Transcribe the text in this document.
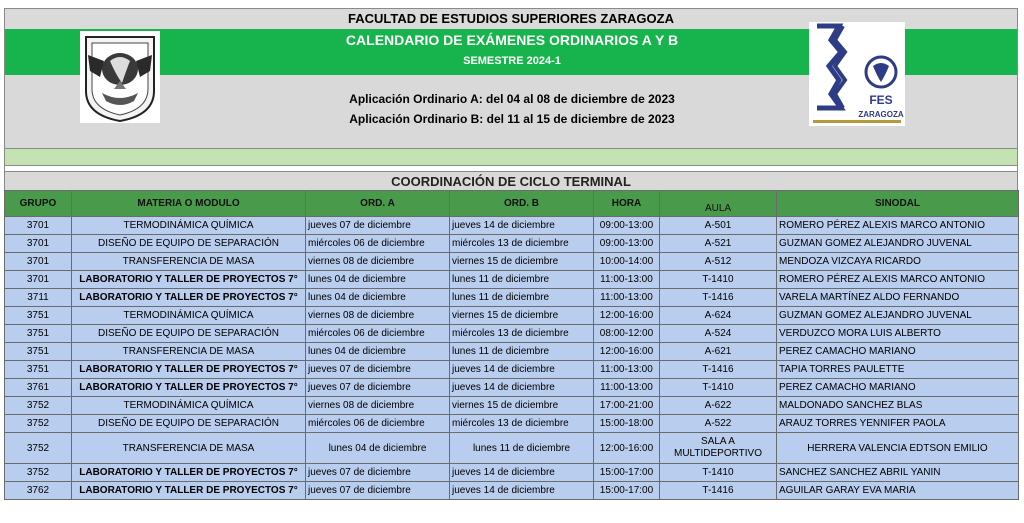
FACULTAD DE ESTUDIOS SUPERIORES ZARAGOZA
CALENDARIO DE EXÁMENES ORDINARIOS A Y B
SEMESTRE 2024-1
Aplicación Ordinario A: del 04 al 08 de diciembre de 2023
Aplicación Ordinario B: del 11 al 15 de diciembre de 2023
COORDINACIÓN DE CICLO TERMINAL
FES
ZARAGOZA
GRUPO	MATERIA O MODULO	ORD. A	ORD. B	HORA	AULA	SINODAL
3701	TERMODINÁMICA QUÍMICA	jueves 07 de diciembre	jueves 14 de diciembre	09:00-13:00	A-501	ROMERO PÉREZ ALEXIS MARCO ANTONIO
3701	DISEÑO DE EQUIPO DE SEPARACIÓN	miércoles 06 de diciembre	miércoles 13 de diciembre	09:00-13:00	A-521	GUZMAN GOMEZ ALEJANDRO JUVENAL
3701	TRANSFERENCIA DE MASA	viernes 08 de diciembre	viernes 15 de diciembre	10:00-14:00	A-512	MENDOZA VIZCAYA RICARDO
3701	LABORATORIO Y TALLER DE PROYECTOS 7°	lunes 04 de diciembre	lunes 11 de diciembre	11:00-13:00	T-1410	ROMERO PÉREZ ALEXIS MARCO ANTONIO
3711	LABORATORIO Y TALLER DE PROYECTOS 7°	lunes 04 de diciembre	lunes 11 de diciembre	11:00-13:00	T-1416	VARELA MARTÍNEZ ALDO FERNANDO
3751	TERMODINÁMICA QUÍMICA	viernes 08 de diciembre	viernes 15 de diciembre	12:00-16:00	A-624	GUZMAN GOMEZ ALEJANDRO JUVENAL
3751	DISEÑO DE EQUIPO DE SEPARACIÓN	miércoles 06 de diciembre	miércoles 13 de diciembre	08:00-12:00	A-524	VERDUZCO MORA LUIS ALBERTO
3751	TRANSFERENCIA DE MASA	lunes 04 de diciembre	lunes 11 de diciembre	12:00-16:00	A-621	PEREZ CAMACHO MARIANO
3751	LABORATORIO Y TALLER DE PROYECTOS 7°	jueves 07 de diciembre	jueves 14 de diciembre	11:00-13:00	T-1416	TAPIA TORRES PAULETTE
3761	LABORATORIO Y TALLER DE PROYECTOS 7°	jueves 07 de diciembre	jueves 14 de diciembre	11:00-13:00	T-1410	PEREZ CAMACHO MARIANO
3752	TERMODINÁMICA QUÍMICA	viernes 08 de diciembre	viernes 15 de diciembre	17:00-21:00	A-622	MALDONADO SANCHEZ BLAS
3752	DISEÑO DE EQUIPO DE SEPARACIÓN	miércoles 06 de diciembre	miércoles 13 de diciembre	15:00-18:00	A-522	ARAUZ TORRES YENNIFER PAOLA
3752	TRANSFERENCIA DE MASA	lunes 04 de diciembre	lunes 11 de diciembre	12:00-16:00	SALA A MULTIDEPORTIVO	HERRERA VALENCIA EDTSON EMILIO
3752	LABORATORIO Y TALLER DE PROYECTOS 7°	jueves 07 de diciembre	jueves 14 de diciembre	15:00-17:00	T-1410	SANCHEZ SANCHEZ ABRIL YANIN
3762	LABORATORIO Y TALLER DE PROYECTOS 7°	jueves 07 de diciembre	jueves 14 de diciembre	15:00-17:00	T-1416	AGUILAR GARAY EVA MARIA
